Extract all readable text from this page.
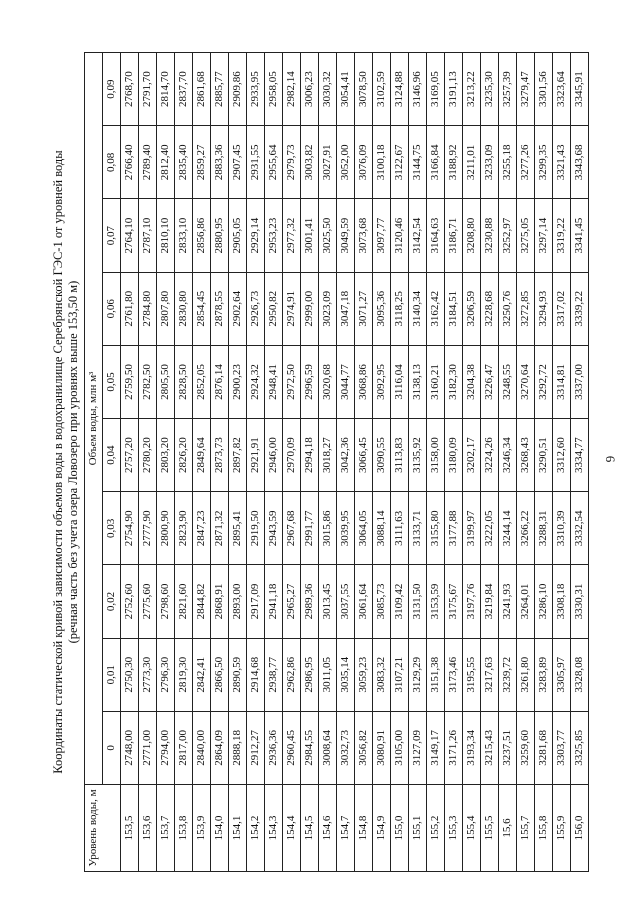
6
Координаты статической кривой зависимости объемов воды в водохранилище Серебрянской ГЭС-1 от уровней воды (речная часть без учета озера Ловозеро при уровнях выше 153,50 м)
Уровень воды, м	Объем воды, млн м³									
	0	0,01	0,02	0,03	0,04	0,05	0,06	0,07	0,08	0,09
153,5	2748,00	2750,30	2752,60	2754,90	2757,20	2759,50	2761,80	2764,10	2766,40	2768,70
153,6	2771,00	2773,30	2775,60	2777,90	2780,20	2782,50	2784,80	2787,10	2789,40	2791,70
153,7	2794,00	2796,30	2798,60	2800,90	2803,20	2805,50	2807,80	2810,10	2812,40	2814,70
153,8	2817,00	2819,30	2821,60	2823,90	2826,20	2828,50	2830,80	2833,10	2835,40	2837,70
153,9	2840,00	2842,41	2844,82	2847,23	2849,64	2852,05	2854,45	2856,86	2859,27	2861,68
154,0	2864,09	2866,50	2868,91	2871,32	2873,73	2876,14	2878,55	2880,95	2883,36	2885,77
154,1	2888,18	2890,59	2893,00	2895,41	2897,82	2900,23	2902,64	2905,05	2907,45	2909,86
154,2	2912,27	2914,68	2917,09	2919,50	2921,91	2924,32	2926,73	2929,14	2931,55	2933,95
154,3	2936,36	2938,77	2941,18	2943,59	2946,00	2948,41	2950,82	2953,23	2955,64	2958,05
154,4	2960,45	2962,86	2965,27	2967,68	2970,09	2972,50	2974,91	2977,32	2979,73	2982,14
154,5	2984,55	2986,95	2989,36	2991,77	2994,18	2996,59	2999,00	3001,41	3003,82	3006,23
154,6	3008,64	3011,05	3013,45	3015,86	3018,27	3020,68	3023,09	3025,50	3027,91	3030,32
154,7	3032,73	3035,14	3037,55	3039,95	3042,36	3044,77	3047,18	3049,59	3052,00	3054,41
154,8	3056,82	3059,23	3061,64	3064,05	3066,45	3068,86	3071,27	3073,68	3076,09	3078,50
154,9	3080,91	3083,32	3085,73	3088,14	3090,55	3092,95	3095,36	3097,77	3100,18	3102,59
155,0	3105,00	3107,21	3109,42	3111,63	3113,83	3116,04	3118,25	3120,46	3122,67	3124,88
155,1	3127,09	3129,29	3131,50	3133,71	3135,92	3138,13	3140,34	3142,54	3144,75	3146,96
155,2	3149,17	3151,38	3153,59	3155,80	3158,00	3160,21	3162,42	3164,63	3166,84	3169,05
155,3	3171,26	3173,46	3175,67	3177,88	3180,09	3182,30	3184,51	3186,71	3188,92	3191,13
155,4	3193,34	3195,55	3197,76	3199,97	3202,17	3204,38	3206,59	3208,80	3211,01	3213,22
155,5	3215,43	3217,63	3219,84	3222,05	3224,26	3226,47	3228,68	3230,88	3233,09	3235,30
15,6	3237,51	3239,72	3241,93	3244,14	3246,34	3248,55	3250,76	3252,97	3255,18	3257,39
155,7	3259,60	3261,80	3264,01	3266,22	3268,43	3270,64	3272,85	3275,05	3277,26	3279,47
155,8	3281,68	3283,89	3286,10	3288,31	3290,51	3292,72	3294,93	3297,14	3299,35	3301,56
155,9	3303,77	3305,97	3308,18	3310,39	3312,60	3314,81	3317,02	3319,22	3321,43	3323,64
156,0	3325,85	3328,08	3330,31	3332,54	3334,77	3337,00	3339,22	3341,45	3343,68	3345,91
